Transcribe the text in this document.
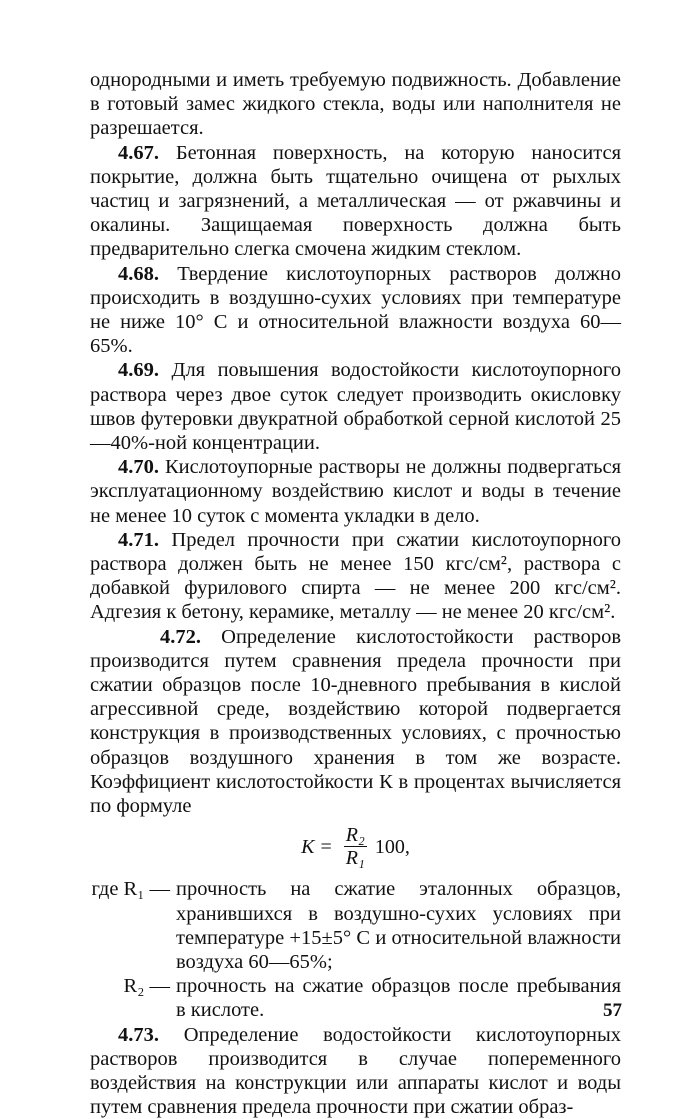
однородными и иметь требуемую подвижность. Добавление в готовый замес жидкого стекла, воды или наполнителя не разрешается.

4.67. Бетонная поверхность, на которую наносится покрытие, должна быть тщательно очищена от рыхлых частиц и загрязнений, а металлическая — от ржавчины и окалины. Защищаемая поверхность должна быть предварительно слегка смочена жидким стеклом.

4.68. Твердение кислотоупорных растворов должно происходить в воздушно-сухих условиях при температуре не ниже 10° С и относительной влажности воздуха 60—65%.

4.69. Для повышения водостойкости кислотоупорного раствора через двое суток следует производить окисловку швов футеровки двукратной обработкой серной кислотой 25—40%-ной концентрации.

4.70. Кислотоупорные растворы не должны подвергаться эксплуатационному воздействию кислот и воды в течение не менее 10 суток с момента укладки в дело.

4.71. Предел прочности при сжатии кислотоупорного раствора должен быть не менее 150 кгс/см², раствора с добавкой фурилового спирта — не менее 200 кгс/см². Адгезия к бетону, керамике, металлу — не менее 20 кгс/см².

4.72. Определение кислотостойкости растворов производится путем сравнения предела прочности при сжатии образцов после 10-дневного пребывания в кислой агрессивной среде, воздействию которой подвергается конструкция в производственных условиях, с прочностью образцов воздушного хранения в том же возрасте. Коэффициент кислотостойкости К в процентах вычисляется по формуле

$K = \frac{\text{R₂}}{\text{R₁}} 100$,
где R₁ — прочность на сжатие эталонных образцов, хранившихся в воздушно-сухих условиях при температуре +15±5° С и относительной влажности воздуха 60—65%;
R₂ — прочность на сжатие образцов после пребывания в кислоте.

4.73. Определение водостойкости кислотоупорных растворов производится в случае попеременного воздействия на конструкции или аппараты кислот и воды путем сравнения предела прочности при сжатии образ-

57
